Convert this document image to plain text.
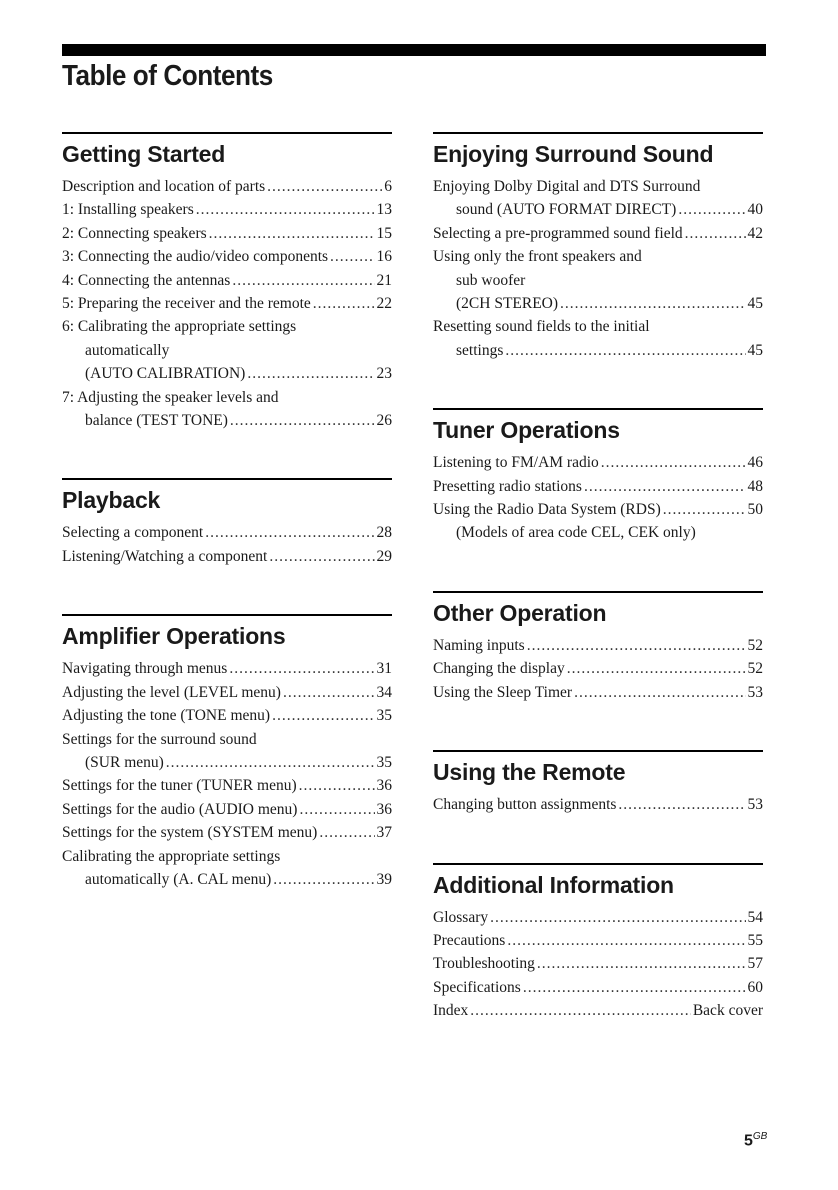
Table of Contents
Getting Started
Description and location of parts .....	6
1: Installing speakers .....	13
2: Connecting speakers .....	15
3: Connecting the audio/video components .....	16
4: Connecting the antennas .....	21
5: Preparing the receiver and the remote .....	22
6: Calibrating the appropriate settings
automatically
(AUTO CALIBRATION) .....	23
7: Adjusting the speaker levels and
balance (TEST TONE) .....	26
Playback
Selecting a component .....	28
Listening/Watching a component .....	29
Amplifier Operations
Navigating through menus .....	31
Adjusting the level (LEVEL menu) .....	34
Adjusting the tone (TONE menu) .....	35
Settings for the surround sound
(SUR menu) .....	35
Settings for the tuner (TUNER menu) .....	36
Settings for the audio (AUDIO menu) .....	36
Settings for the system (SYSTEM menu) .....	37
Calibrating the appropriate settings
automatically (A. CAL menu) .....	39
Enjoying Surround Sound
Enjoying Dolby Digital and DTS Surround
sound (AUTO FORMAT DIRECT) .....	40
Selecting a pre-programmed sound field .....	42
Using only the front speakers and
sub woofer
(2CH STEREO) .....	45
Resetting sound fields to the initial
settings .....	45
Tuner Operations
Listening to FM/AM radio .....	46
Presetting radio stations .....	48
Using the Radio Data System (RDS) .....	50
(Models of area code CEL, CEK only)
Other Operation
Naming inputs .....	52
Changing the display .....	52
Using the Sleep Timer .....	53
Using the Remote
Changing button assignments .....	53
Additional Information
Glossary .....	54
Precautions .....	55
Troubleshooting .....	57
Specifications .....	60
Index .....	Back cover
$5^{GB}$
